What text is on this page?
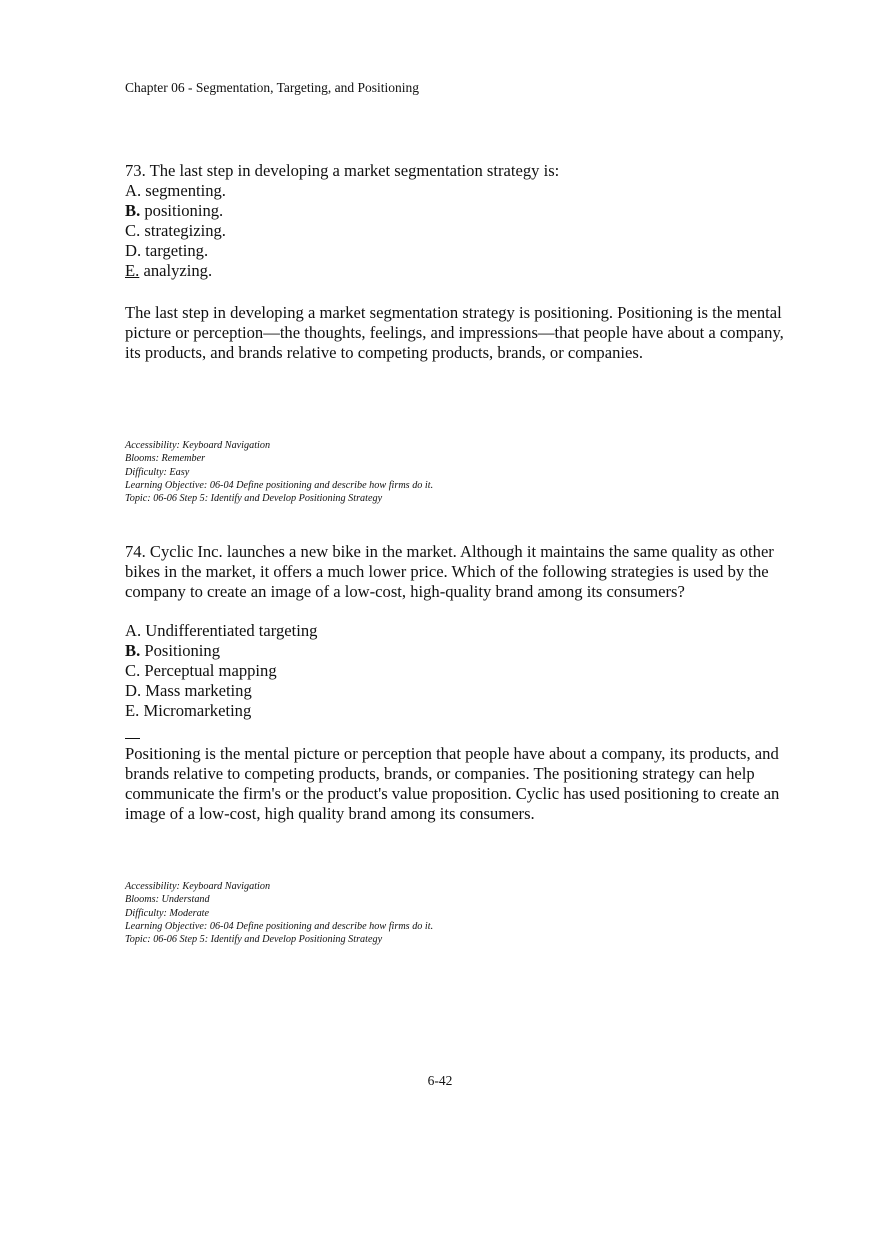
Chapter 06 - Segmentation, Targeting, and Positioning
73. The last step in developing a market segmentation strategy is:
A. segmenting.
B. positioning.
C. strategizing.
D. targeting.
E. analyzing.
The last step in developing a market segmentation strategy is positioning. Positioning is the mental picture or perception—the thoughts, feelings, and impressions—that people have about a company, its products, and brands relative to competing products, brands, or companies.
Accessibility: Keyboard Navigation
Blooms: Remember
Difficulty: Easy
Learning Objective: 06-04 Define positioning and describe how firms do it.
Topic: 06-06 Step 5: Identify and Develop Positioning Strategy
74. Cyclic Inc. launches a new bike in the market. Although it maintains the same quality as other bikes in the market, it offers a much lower price. Which of the following strategies is used by the company to create an image of a low-cost, high-quality brand among its consumers?
A. Undifferentiated targeting
B. Positioning
C. Perceptual mapping
D. Mass marketing
E. Micromarketing
Positioning is the mental picture or perception that people have about a company, its products, and brands relative to competing products, brands, or companies. The positioning strategy can help communicate the firm's or the product's value proposition. Cyclic has used positioning to create an image of a low-cost, high quality brand among its consumers.
Accessibility: Keyboard Navigation
Blooms: Understand
Difficulty: Moderate
Learning Objective: 06-04 Define positioning and describe how firms do it.
Topic: 06-06 Step 5: Identify and Develop Positioning Strategy
6-42
